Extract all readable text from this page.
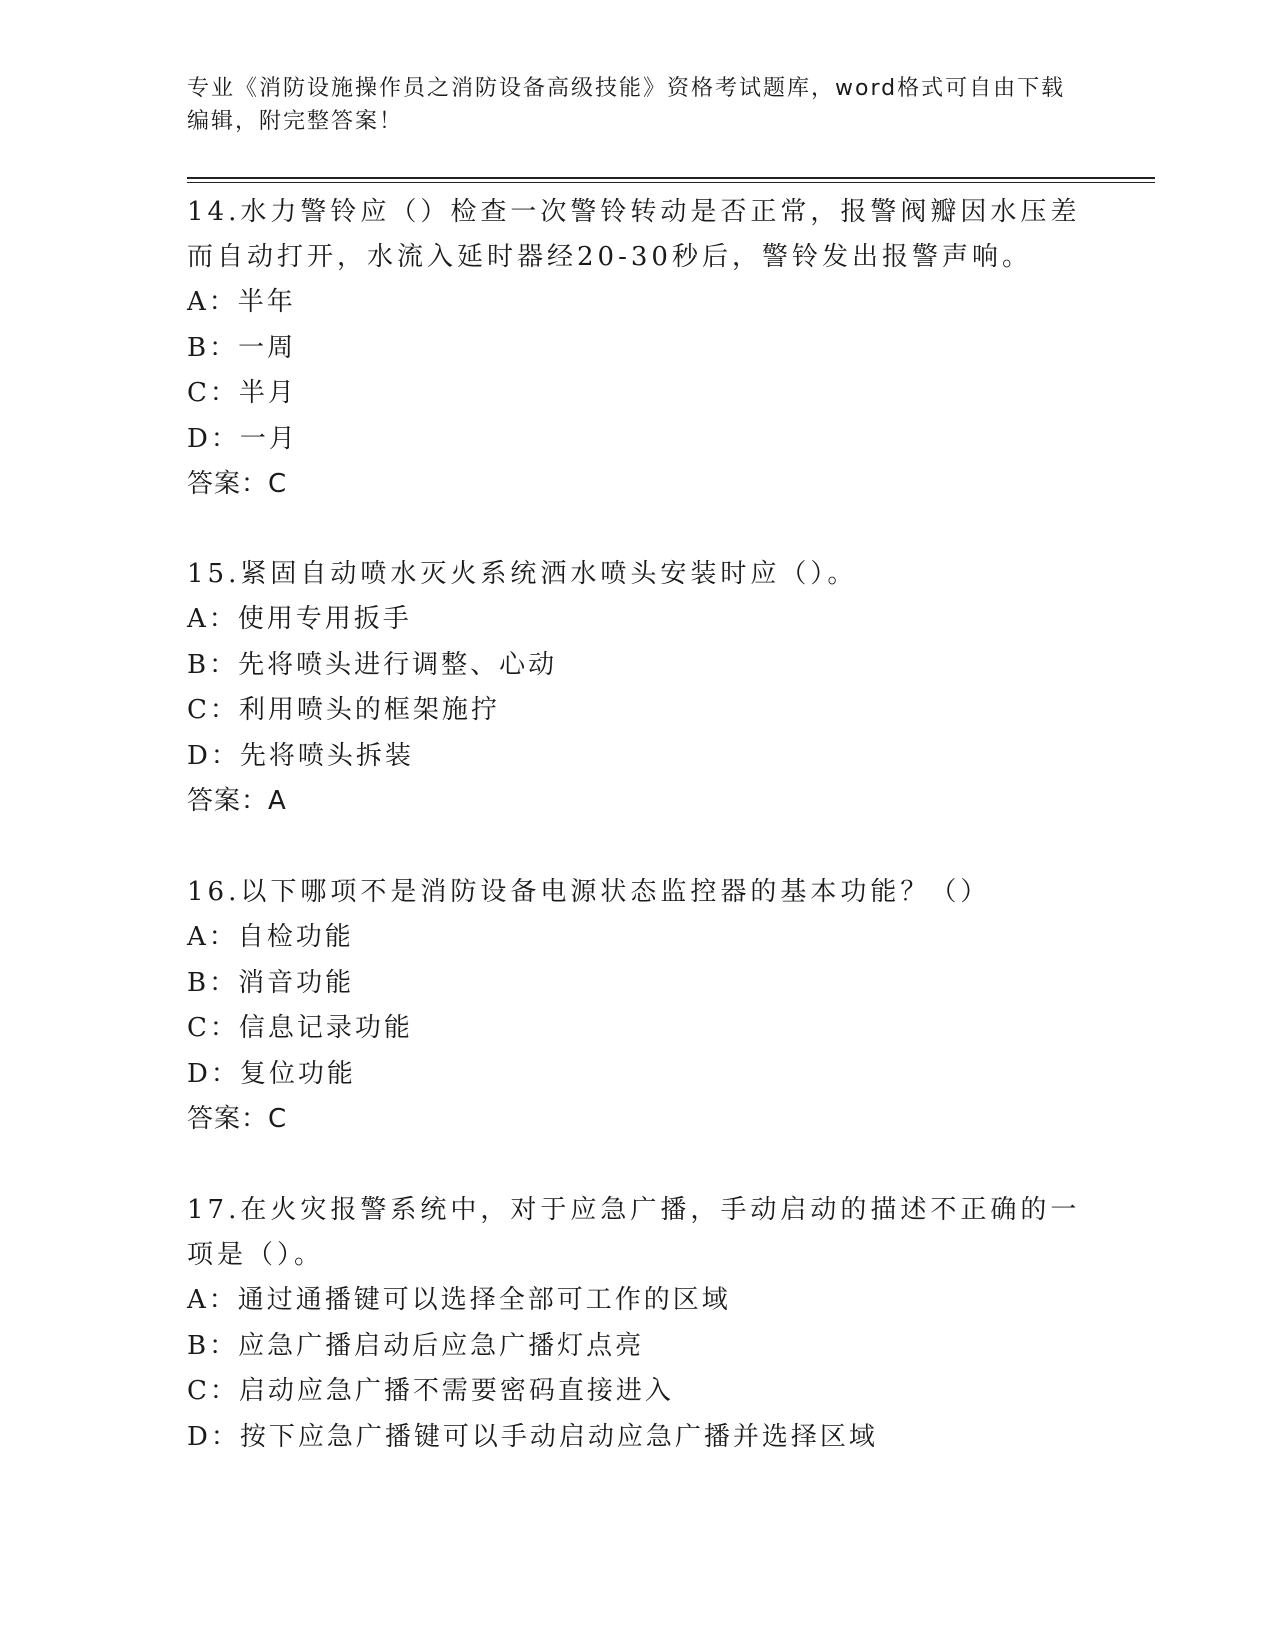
专业《消防设施操作员之消防设备高级技能》资格考试题库，word格式可自由下载编辑，附完整答案！

14.水力警铃应（）检查一次警铃转动是否正常，报警阀瓣因水压差而自动打开，水流入延时器经20-30秒后，警铃发出报警声响。

A：半年

B：一周

C：半月

D：一月

答案：C

15.紧固自动喷水灭火系统洒水喷头安装时应（）。

A：使用专用扳手

B：先将喷头进行调整、心动

C：利用喷头的框架施拧

D：先将喷头拆装

答案：A

16.以下哪项不是消防设备电源状态监控器的基本功能？（）

A：自检功能

B：消音功能

C：信息记录功能

D：复位功能

答案：C

17.在火灾报警系统中，对于应急广播，手动启动的描述不正确的一项是（）。

A：通过通播键可以选择全部可工作的区域

B：应急广播启动后应急广播灯点亮

C：启动应急广播不需要密码直接进入

D：按下应急广播键可以手动启动应急广播并选择区域
